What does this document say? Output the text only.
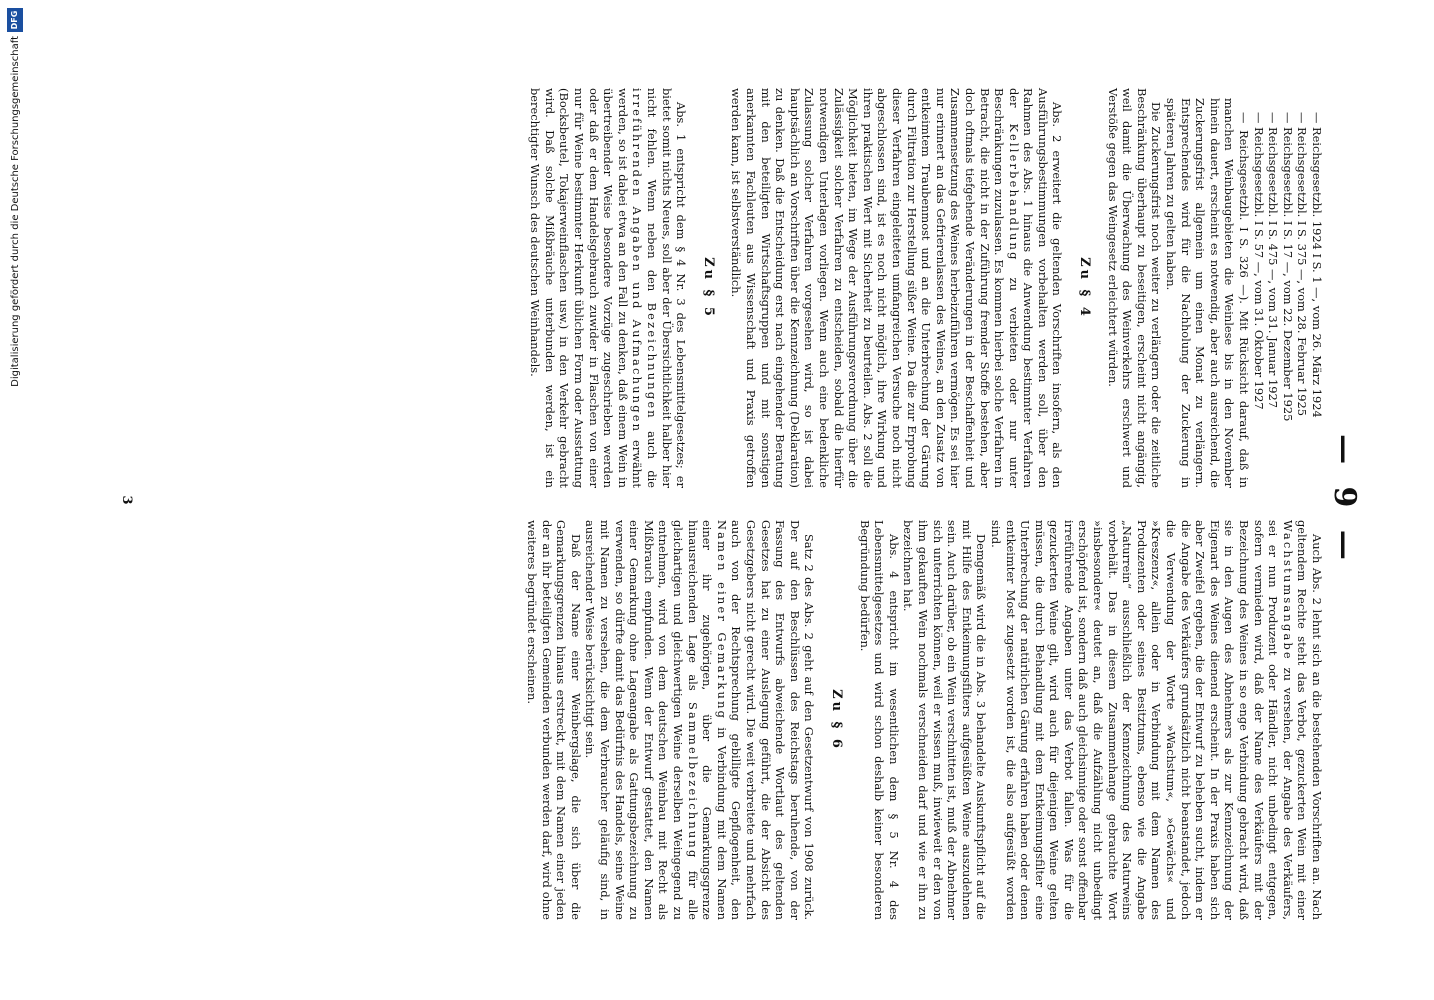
— 9 —

— Reichsgesetzbl. 1924 I S. 1 —, vom 26. März 1924

— Reichsgesetzbl. I S. 375 —, vom 28. Februar 1925

— Reichsgesetzbl. I S. 17 —, vom 22. Dezember 1925

— Reichsgesetzbl. I S. 475 —, vom 31. Januar 1927

— Reichsgesetzbl. I S. 57 —, vom 31. Oktober 1927

— Reichsgesetzbl. I S. 326 —). Mit Rücksicht darauf, daß in manchen Weinbaugebieten die Weinlese bis in den November hinein dauert, erscheint es notwendig, aber auch ausreichend, die Zuckerungsfrist allgemein um einen Monat zu verlängern. Entsprechendes wird für die Nachholung der Zuckerung in späteren Jahren zu gelten haben.

Die Zuckerungsfrist noch weiter zu verlängern oder die zeitliche Beschränkung überhaupt zu beseitigen, erscheint nicht angängig, weil damit die Überwachung des Weinverkehrs erschwert und Verstöße gegen das Weingesetz erleichtert würden.

Zu § 4

Abs. 2 erweitert die geltenden Vorschriften insofern, als den Ausführungsbestimmungen vorbehalten werden soll, über den Rahmen des Abs. 1 hinaus die Anwendung bestimmter Verfahren der Kellerbehandlung zu verbieten oder nur unter Beschränkungen zuzulassen. Es kommen hierbei solche Verfahren in Betracht, die nicht in der Zuführung fremder Stoffe bestehen, aber doch oftmals tiefgehende Veränderungen in der Beschaffenheit und Zusammensetzung des Weines herbeizuführen vermögen. Es sei hier nur erinnert an das Gefrierenlassen des Weines, an den Zusatz von entkeimtem Traubenmost und an die Unterbrechung der Gärung durch Filtration zur Herstellung süßer Weine. Da die zur Erprobung dieser Verfahren eingeleiteten umfangreichen Versuche noch nicht abgeschlossen sind, ist es noch nicht möglich, ihre Wirkung und ihren praktischen Wert mit Sicherheit zu beurteilen. Abs. 2 soll die Möglichkeit bieten, im Wege der Ausführungsverordnung über die Zulässigkeit solcher Verfahren zu entscheiden, sobald die hierfür notwendigen Unterlagen vorliegen. Wenn auch eine bedenkliche Zulassung solcher Verfahren vorgesehen wird, so ist dabei hauptsächlich an Vorschriften über die Kennzeichnung (Deklaration) zu denken. Daß die Entscheidung erst nach eingehender Beratung mit den beteiligten Wirtschaftsgruppen und mit sonstigen anerkannten Fachleuten aus Wissenschaft und Praxis getroffen werden kann, ist selbstverständlich.

Zu § 5

Abs. 1 entspricht dem § 4 Nr. 3 des Lebensmittelgesetzes; er bietet somit nichts Neues, soll aber der Übersichtlichkeit halber hier nicht fehlen. Wenn neben den Bezeichnungen auch die irreführenden Angaben und Aufmachungen erwähnt werden, so ist dabei etwa an den Fall zu denken, daß einem Wein in übertreibender Weise besondere Vorzüge zugeschrieben werden oder daß er dem Handelsgebrauch zuwider in Flaschen von einer nur für Weine bestimmter Herkunft üblichen Form oder Ausstattung (Bocksbeutel, Tokajerweinflaschen usw.) in den Verkehr gebracht wird. Daß solche Mißbräuche unterbunden werden, ist ein berechtigter Wunsch des deutschen Weinhandels.

Auch Abs. 2 lehnt sich an die bestehenden Vorschriften an. Nach geltendem Rechte steht das Verbot, gezuckerten Wein mit einer Wachstumsangabe zu versehen, der Angabe des Verkäufers, sei er nun Produzent oder Händler, nicht unbedingt entgegen, sofern vermieden wird, daß der Name des Verkäufers mit der Bezeichnung des Weines in so enge Verbindung gebracht wird, daß sie in den Augen des Abnehmers als zur Kennzeichnung der Eigenart des Weines dienend erscheint. In der Praxis haben sich aber Zweifel ergeben, die der Entwurf zu beheben sucht, indem er die Angabe des Verkäufers grundsätzlich nicht beanstandet, jedoch die Verwendung der Worte »Wachstum«, »Gewächs« und »Kreszenz«, allein oder in Verbindung mit dem Namen des Produzenten oder seines Besitztums, ebenso wie die Angabe „Naturrein“ ausschließlich der Kennzeichnung des Naturweins vorbehält. Das in diesem Zusammenhange gebrauchte Wort »insbesondere« deutet an, daß die Aufzählung nicht unbedingt erschöpfend ist, sondern daß auch gleichsinnige oder sonst offenbar irreführende Angaben unter das Verbot fallen. Was für die gezuckerten Weine gilt, wird auch für diejenigen Weine gelten müssen, die durch Behandlung mit dem Entkeimungsfilter eine Unterbrechung der natürlichen Gärung erfahren haben oder denen entkeimter Most zugesetzt worden ist, die also aufgesüßt worden sind.

Demgemäß wird die in Abs. 3 behandelte Auskunftspflicht auf die mit Hilfe des Entkeimungsfilters aufgesüßten Weine auszudehnen sein. Auch darüber, ob ein Wein verschnitten ist, muß der Abnehmer sich unterrichten können, weil er wissen muß, inwieweit er den von ihm gekauften Wein nochmals verschneiden darf und wie er ihn zu bezeichnen hat.

Abs. 4 entspricht im wesentlichen dem § 5 Nr. 4 des Lebensmittelgesetzes und wird schon deshalb keiner besonderen Begründung bedürfen.

Zu § 6

Satz 2 des Abs. 2 geht auf den Gesetzentwurf von 1908 zurück. Der auf den Beschlüssen des Reichstags beruhende, von der Fassung des Entwurfs abweichende Wortlaut des geltenden Gesetzes hat zu einer Auslegung geführt, die der Absicht des Gesetzgebers nicht gerecht wird. Die weit verbreitete und mehrfach auch von der Rechtsprechung gebilligte Gepflogenheit, den Namen einer Gemarkung in Verbindung mit dem Namen einer ihr zugehörigen, über die Gemarkungsgrenze hinausreichenden Lage als Sammelbezeichnung für alle gleichartigen und gleichwertigen Weine derselben Weingegend zu entnehmen, wird von dem deutschen Weinbau mit Recht als Mißbrauch empfunden. Wenn der Entwurf gestattet, den Namen einer Gemarkung ohne Lageangabe als Gattungsbezeichnung zu verwenden, so dürfte damit das Bedürfnis des Handels, seine Weine mit Namen zu versehen, die dem Verbraucher geläufig sind, in ausreichender Weise berücksichtigt sein.

Daß der Name einer Weinbergslage, die sich über die Gemarkungsgrenzen hinaus erstreckt, mit dem Namen einer jeden der an ihr beteiligten Gemeinden verbunden werden darf, wird ohne weiteres begründet erscheinen.

3
Digitalisierung gefördert durch die Deutsche Forschungsgemeinschaft
DFG
